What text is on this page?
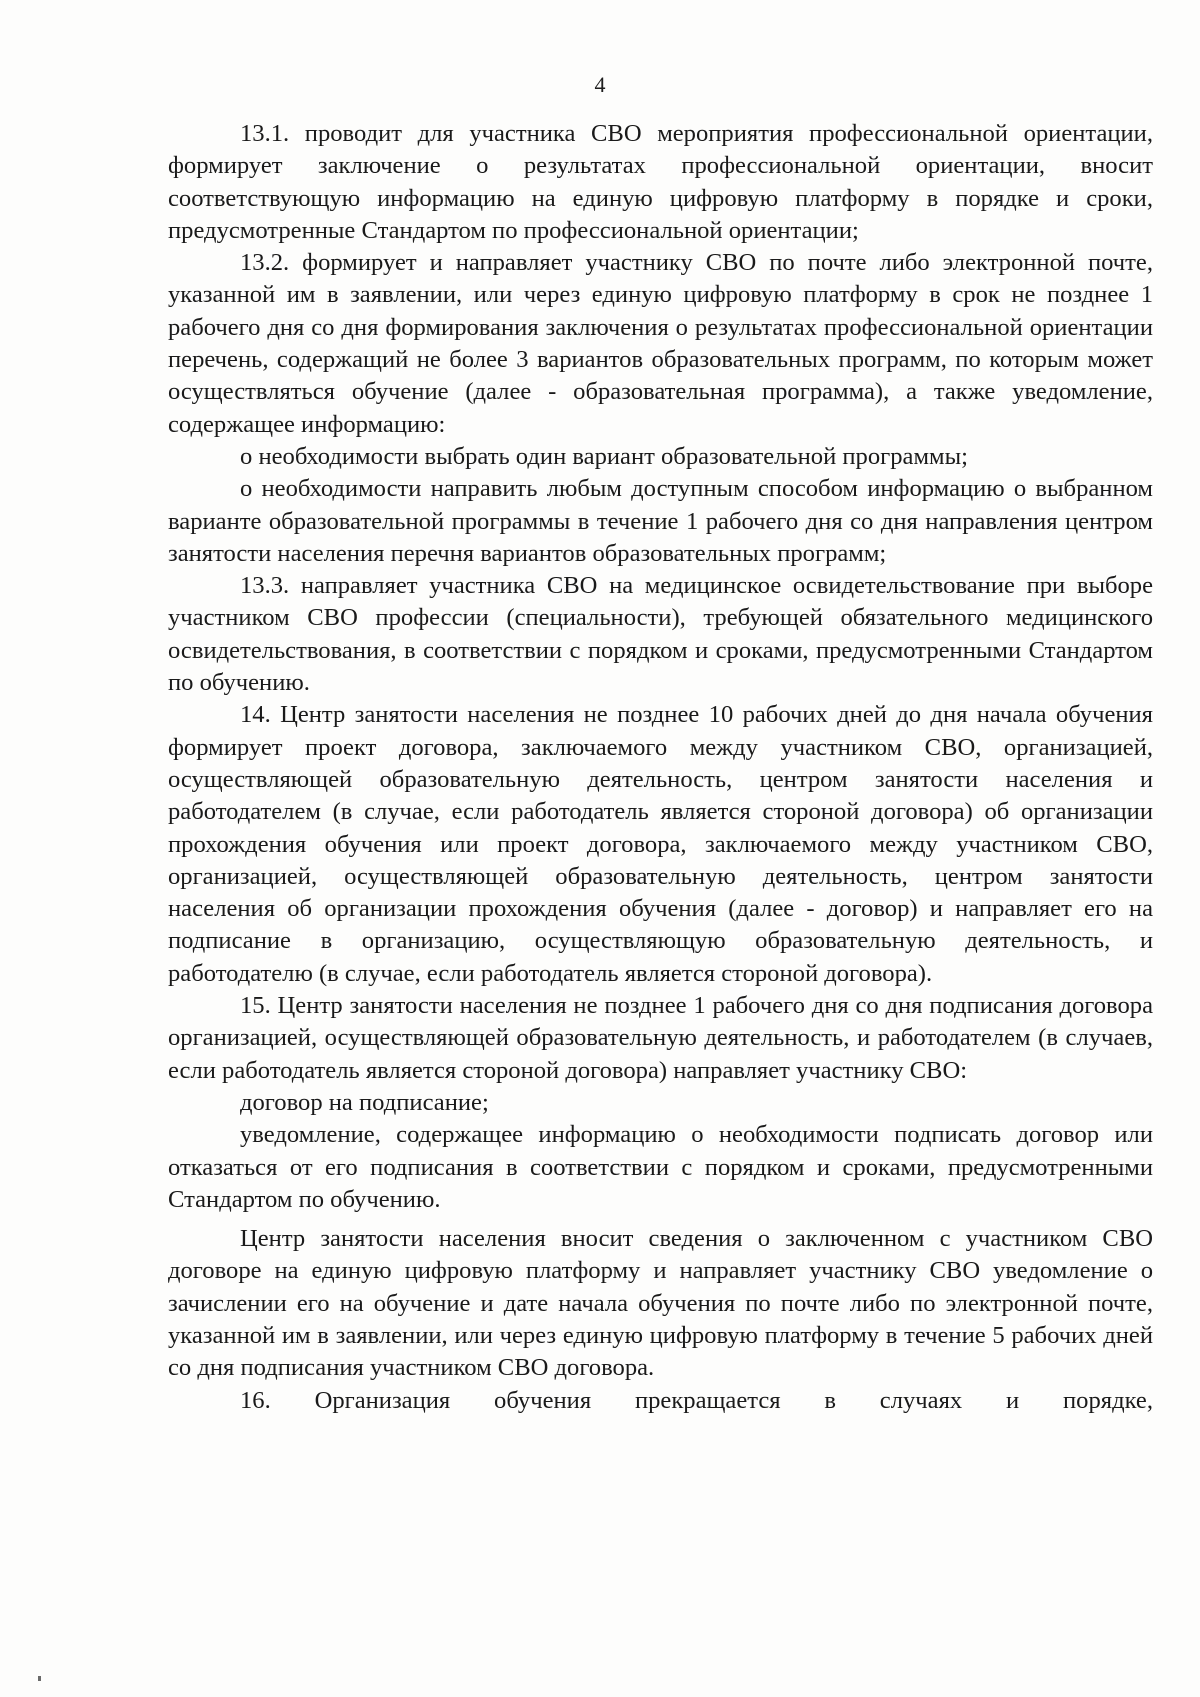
4

13.1. проводит для участника СВО мероприятия профессиональной ориентации, формирует заключение о результатах профессиональной ориентации, вносит соответствующую информацию на единую цифровую платформу в порядке и сроки, предусмотренные Стандартом по профессиональной ориентации;

13.2. формирует и направляет участнику СВО по почте либо электронной почте, указанной им в заявлении, или через единую цифровую платформу в срок не позднее 1 рабочего дня со дня формирования заключения о результатах профессиональной ориентации перечень, содержащий не более 3 вариантов образовательных программ, по которым может осуществляться обучение (далее - образовательная программа), а также уведомление, содержащее информацию:

о необходимости выбрать один вариант образовательной программы;

о необходимости направить любым доступным способом информацию о выбранном варианте образовательной программы в течение 1 рабочего дня со дня направления центром занятости населения перечня вариантов образовательных программ;

13.3. направляет участника СВО на медицинское освидетельствование при выборе участником СВО профессии (специальности), требующей обязательного медицинского освидетельствования, в соответствии с порядком и сроками, предусмотренными Стандартом по обучению.

14. Центр занятости населения не позднее 10 рабочих дней до дня начала обучения формирует проект договора, заключаемого между участником СВО, организацией, осуществляющей образовательную деятельность, центром занятости населения и работодателем (в случае, если работодатель является стороной договора) об организации прохождения обучения или проект договора, заключаемого между участником СВО, организацией, осуществляющей образовательную деятельность, центром занятости населения об организации прохождения обучения (далее - договор) и направляет его на подписание в организацию, осуществляющую образовательную деятельность, и работодателю (в случае, если работодатель является стороной договора).

15. Центр занятости населения не позднее 1 рабочего дня со дня подписания договора организацией, осуществляющей образовательную деятельность, и работодателем (в случаев, если работодатель является стороной договора) направляет участнику СВО:

договор на подписание;

уведомление, содержащее информацию о необходимости подписать договор или отказаться от его подписания в соответствии с порядком и сроками, предусмотренными Стандартом по обучению.

Центр занятости населения вносит сведения о заключенном с участником СВО договоре на единую цифровую платформу и направляет участнику СВО уведомление о зачислении его на обучение и дате начала обучения по почте либо по электронной почте, указанной им в заявлении, или через единую цифровую платформу в течение 5 рабочих дней со дня подписания участником СВО договора.

16. Организация обучения прекращается в случаях и порядке,
